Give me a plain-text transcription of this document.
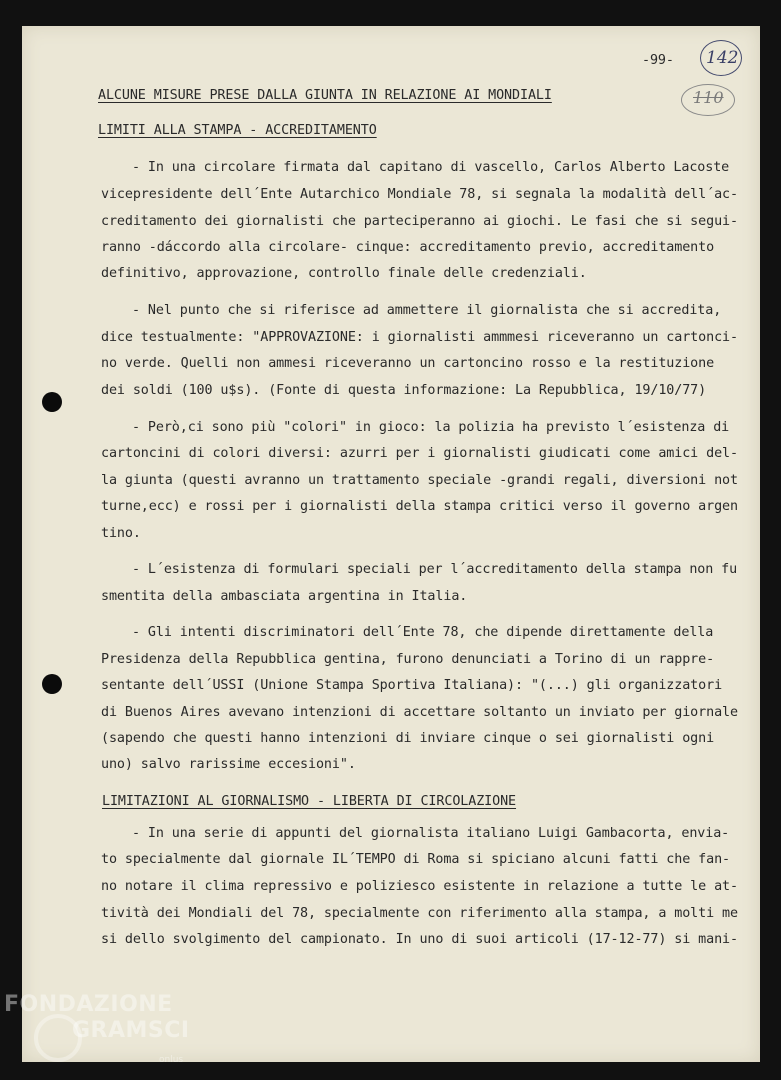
-99- 142
110
ALCUNE MISURE PRESE DALLA GIUNTA IN RELAZIONE AI MONDIALI
LIMITI ALLA STAMPA - ACCREDITAMENTO
- In una circolare firmata dal capitano di vascello, Carlos Alberto Lacoste
vicepresidente dell´Ente Autarchico Mondiale 78, si segnala la modalità dell´ac-
creditamento dei giornalisti che parteciperanno ai giochi. Le fasi che si segui-
ranno -dáccordo alla circolare- cinque: accreditamento previo, accreditamento
definitivo, approvazione, controllo finale delle credenziali.
- Nel punto che si riferisce ad ammettere il giornalista che si accredita,
dice testualmente: "APPROVAZIONE: i giornalisti ammmesi riceveranno un cartonci-
no verde. Quelli non ammesi riceveranno un cartoncino rosso e la restituzione
dei soldi (100 u$s). (Fonte di questa informazione: La Repubblica, 19/10/77)
- Però,ci sono più "colori" in gioco: la polizia ha previsto l´esistenza di
cartoncini di colori diversi: azurri per i giornalisti giudicati come amici del-
la giunta (questi avranno un trattamento speciale -grandi regali, diversioni not
turne,ecc) e rossi per i giornalisti della stampa critici verso il governo argen
tino.
- L´esistenza di formulari speciali per l´accreditamento della stampa non fu
smentita della ambasciata argentina in Italia.
- Gli intenti discriminatori dell´Ente 78, che dipende direttamente della
Presidenza della Repubblica gentina, furono denunciati a Torino di un rappre-
sentante dell´USSI (Unione Stampa Sportiva Italiana): "(...) gli organizzatori
di Buenos Aires avevano intenzioni di accettare soltanto un inviato per giornale
(sapendo che questi hanno intenzioni di inviare cinque o sei giornalisti ogni
uno) salvo rarissime eccesioni".
- In una serie di appunti del giornalista italiano Luigi Gambacorta, envia-
to specialmente dal giornale IL´TEMPO di Roma si spiciano alcuni fatti che fan-
no notare il clima repressivo e poliziesco esistente in relazione a tutte le at-
tività dei Mondiali del 78, specialmente con riferimento alla stampa, a molti me
si dello svolgimento del campionato. In uno di suoi articoli (17-12-77) si mani-
LIMITAZIONI AL GIORNALISMO - LIBERTA DI CIRCOLAZIONE
FONDAZIONE
GRAMSCI
onlus
